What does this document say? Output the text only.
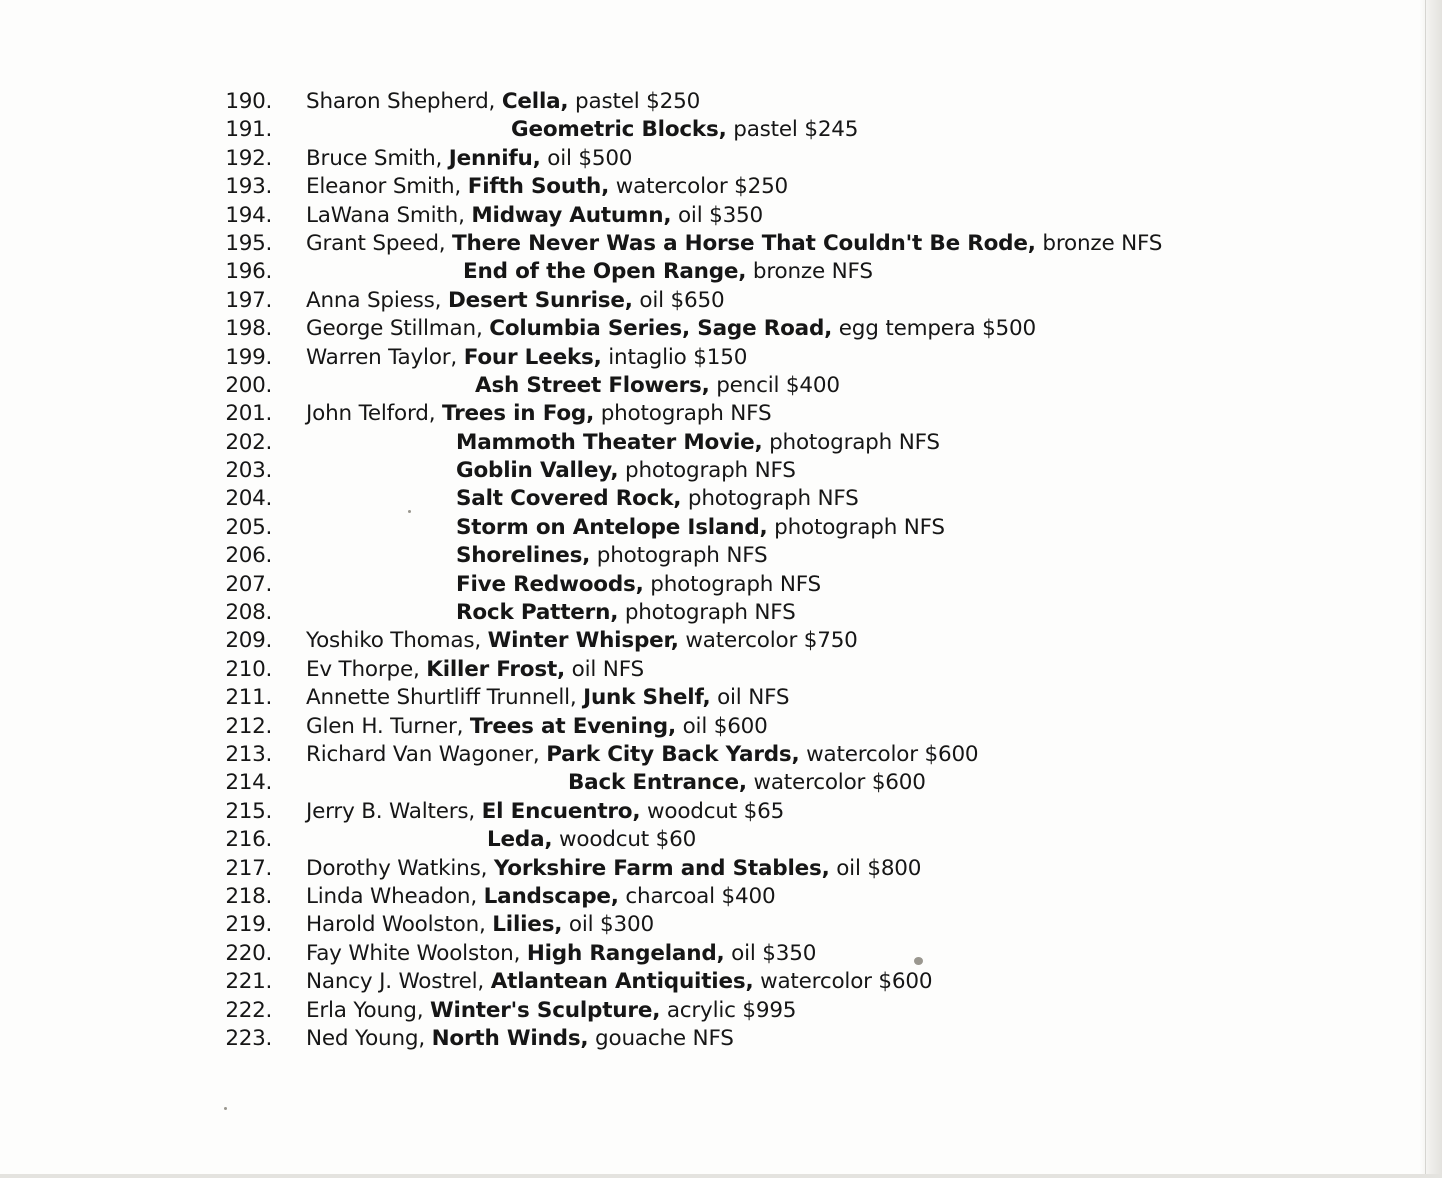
190. Sharon Shepherd, Cella, pastel $250
191.	Geometric Blocks, pastel $245
192. Bruce Smith, Jennifu, oil $500
193. Eleanor Smith, Fifth South, watercolor $250
194. LaWana Smith, Midway Autumn, oil $350
195. Grant Speed, There Never Was a Horse That Couldn't Be Rode, bronze NFS
196.	End of the Open Range, bronze NFS
197. Anna Spiess, Desert Sunrise, oil $650
198. George Stillman, Columbia Series, Sage Road, egg tempera $500
199. Warren Taylor, Four Leeks, intaglio $150
200.	Ash Street Flowers, pencil $400
201. John Telford, Trees in Fog, photograph NFS
202.	Mammoth Theater Movie, photograph NFS
203.	Goblin Valley, photograph NFS
204.	Salt Covered Rock, photograph NFS
205.	Storm on Antelope Island, photograph NFS
206.	Shorelines, photograph NFS
207.	Five Redwoods, photograph NFS
208.	Rock Pattern, photograph NFS
209. Yoshiko Thomas, Winter Whisper, watercolor $750
210. Ev Thorpe, Killer Frost, oil NFS
211. Annette Shurtliff Trunnell, Junk Shelf, oil NFS
212. Glen H. Turner, Trees at Evening, oil $600
213. Richard Van Wagoner, Park City Back Yards, watercolor $600
214.	Back Entrance, watercolor $600
215. Jerry B. Walters, El Encuentro, woodcut $65
216.	Leda, woodcut $60
217. Dorothy Watkins, Yorkshire Farm and Stables, oil $800
218. Linda Wheadon, Landscape, charcoal $400
219. Harold Woolston, Lilies, oil $300
220. Fay White Woolston, High Rangeland, oil $350
221. Nancy J. Wostrel, Atlantean Antiquities, watercolor $600
222. Erla Young, Winter's Sculpture, acrylic $995
223. Ned Young, North Winds, gouache NFS
